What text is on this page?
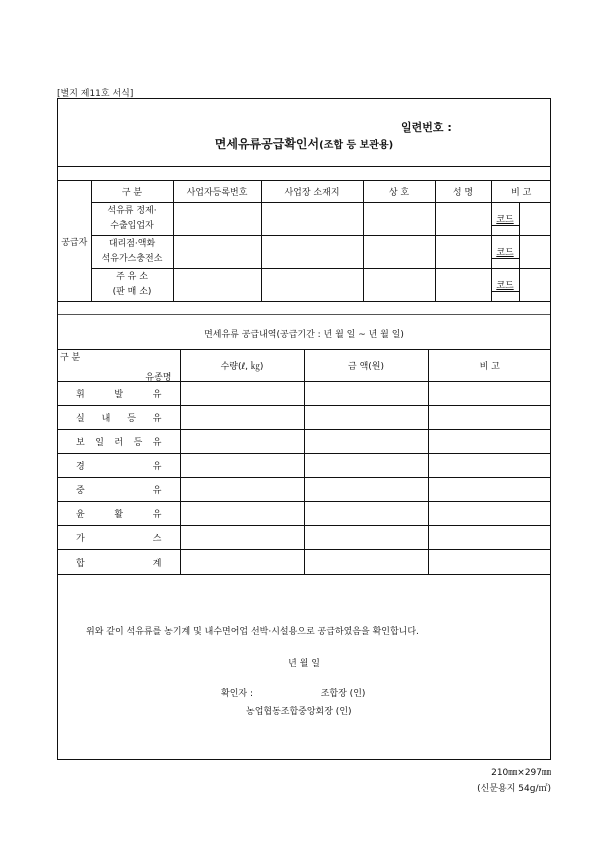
[별지 제11호 서식]
일련번호 :
면세유류공급확인서(조합 등 보관용)
공급자	구 분	사업자등록번호	사업장 소재지	상 호	성 명	비 고	

	석유류 정제·
수출입업자					코드	

	대리점·액화
석유가스충전소					코드	

	주 유 소
(판 매 소)					코드	

면세유류 공급내역(공급기간 : 년 월 일 ~ 년 월 일)
유종명
구 분	수량(ℓ, ㎏)	금 액(원)	비 고

휘 발 유			

실 내 등 유			

보 일 러 등 유			

경 유			

중 유			

윤 활 유			

가 스			

합 계			

위와 같이 석유류를 농기계 및 내수면어업 선박·시설용으로 공급하였음을 확인합니다.
년 월 일
확인자 :	조합장 (인)
농업협동조합중앙회장 (인)
210㎜×297㎜
(신문용지 54g/㎡)
